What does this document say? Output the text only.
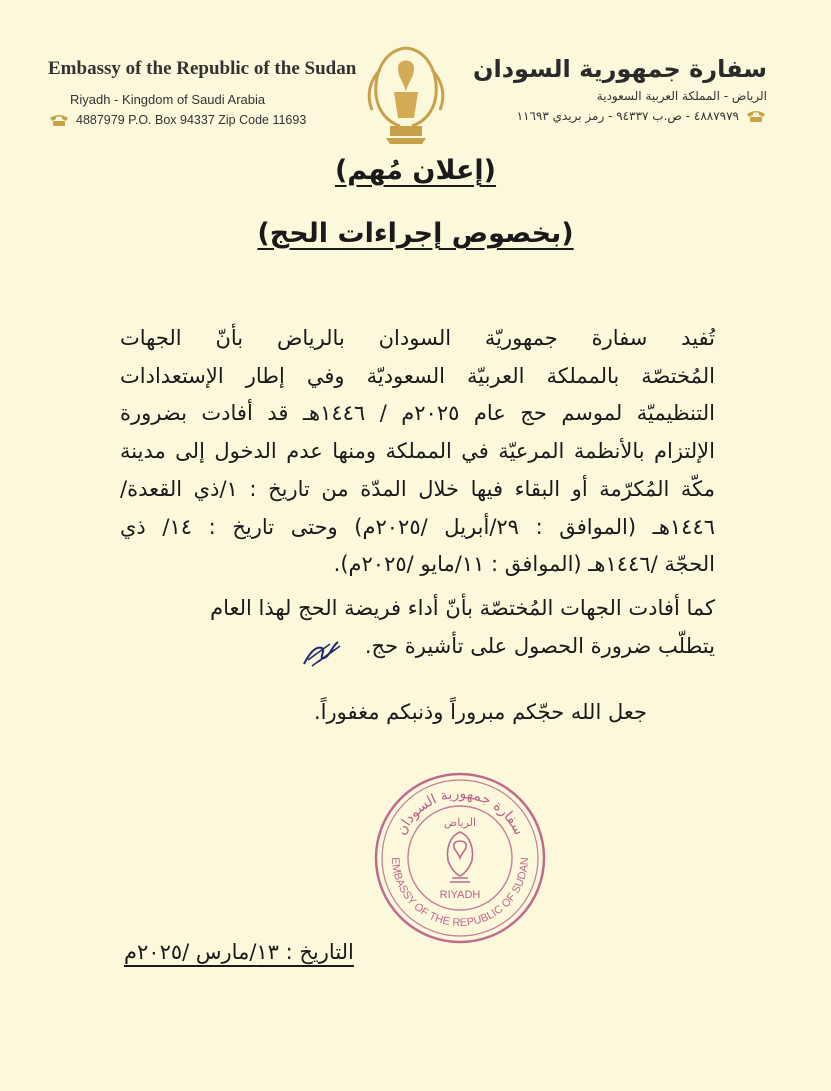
Embassy of the Republic of the Sudan
Riyadh - Kingdom of Saudi Arabia
4887979 P.O. Box 94337 Zip Code 11693
سفارة جمهورية السودان
الرياض - المملكة العربية السعودية
٤٨٨٧٩٧٩ - ص.ب ٩٤٣٣٧ - رمز بريدي ١١٦٩٣
(إعلان مُهم)
(بخصوص إجراءات الحج)
تُفيد سفارة جمهوريّة السودان بالرياض بأنّ الجهات
المُختصّة بالمملكة العربيّة السعوديّة وفي إطار الإستعدادات
التنظيميّة لموسم حج عام ٢٠٢٥م / ١٤٤٦هـ قد أفادت بضرورة
الإلتزام بالأنظمة المرعيّة في المملكة ومنها عدم الدخول إلى مدينة
مكّة المُكرّمة أو البقاء فيها خلال المدّة من تاريخ : ١/ذي القعدة/
١٤٤٦هـ (الموافق : ٢٩/أبريل /٢٠٢٥م) وحتى تاريخ : ١٤/ ذي
الحجّة /١٤٤٦هـ (الموافق : ١١/مايو /٢٠٢٥م).
كما أفادت الجهات المُختصّة بأنّ أداء فريضة الحج لهذا العام
يتطلّب ضرورة الحصول على تأشيرة حج.
جعل الله حجّكم مبروراً وذنبكم مغفوراً.
سفارة جمهورية السودان
الرياض
RIYADH
EMBASSY OF THE REPUBLIC OF SUDAN
التاريخ : ١٣/مارس /٢٠٢٥م
